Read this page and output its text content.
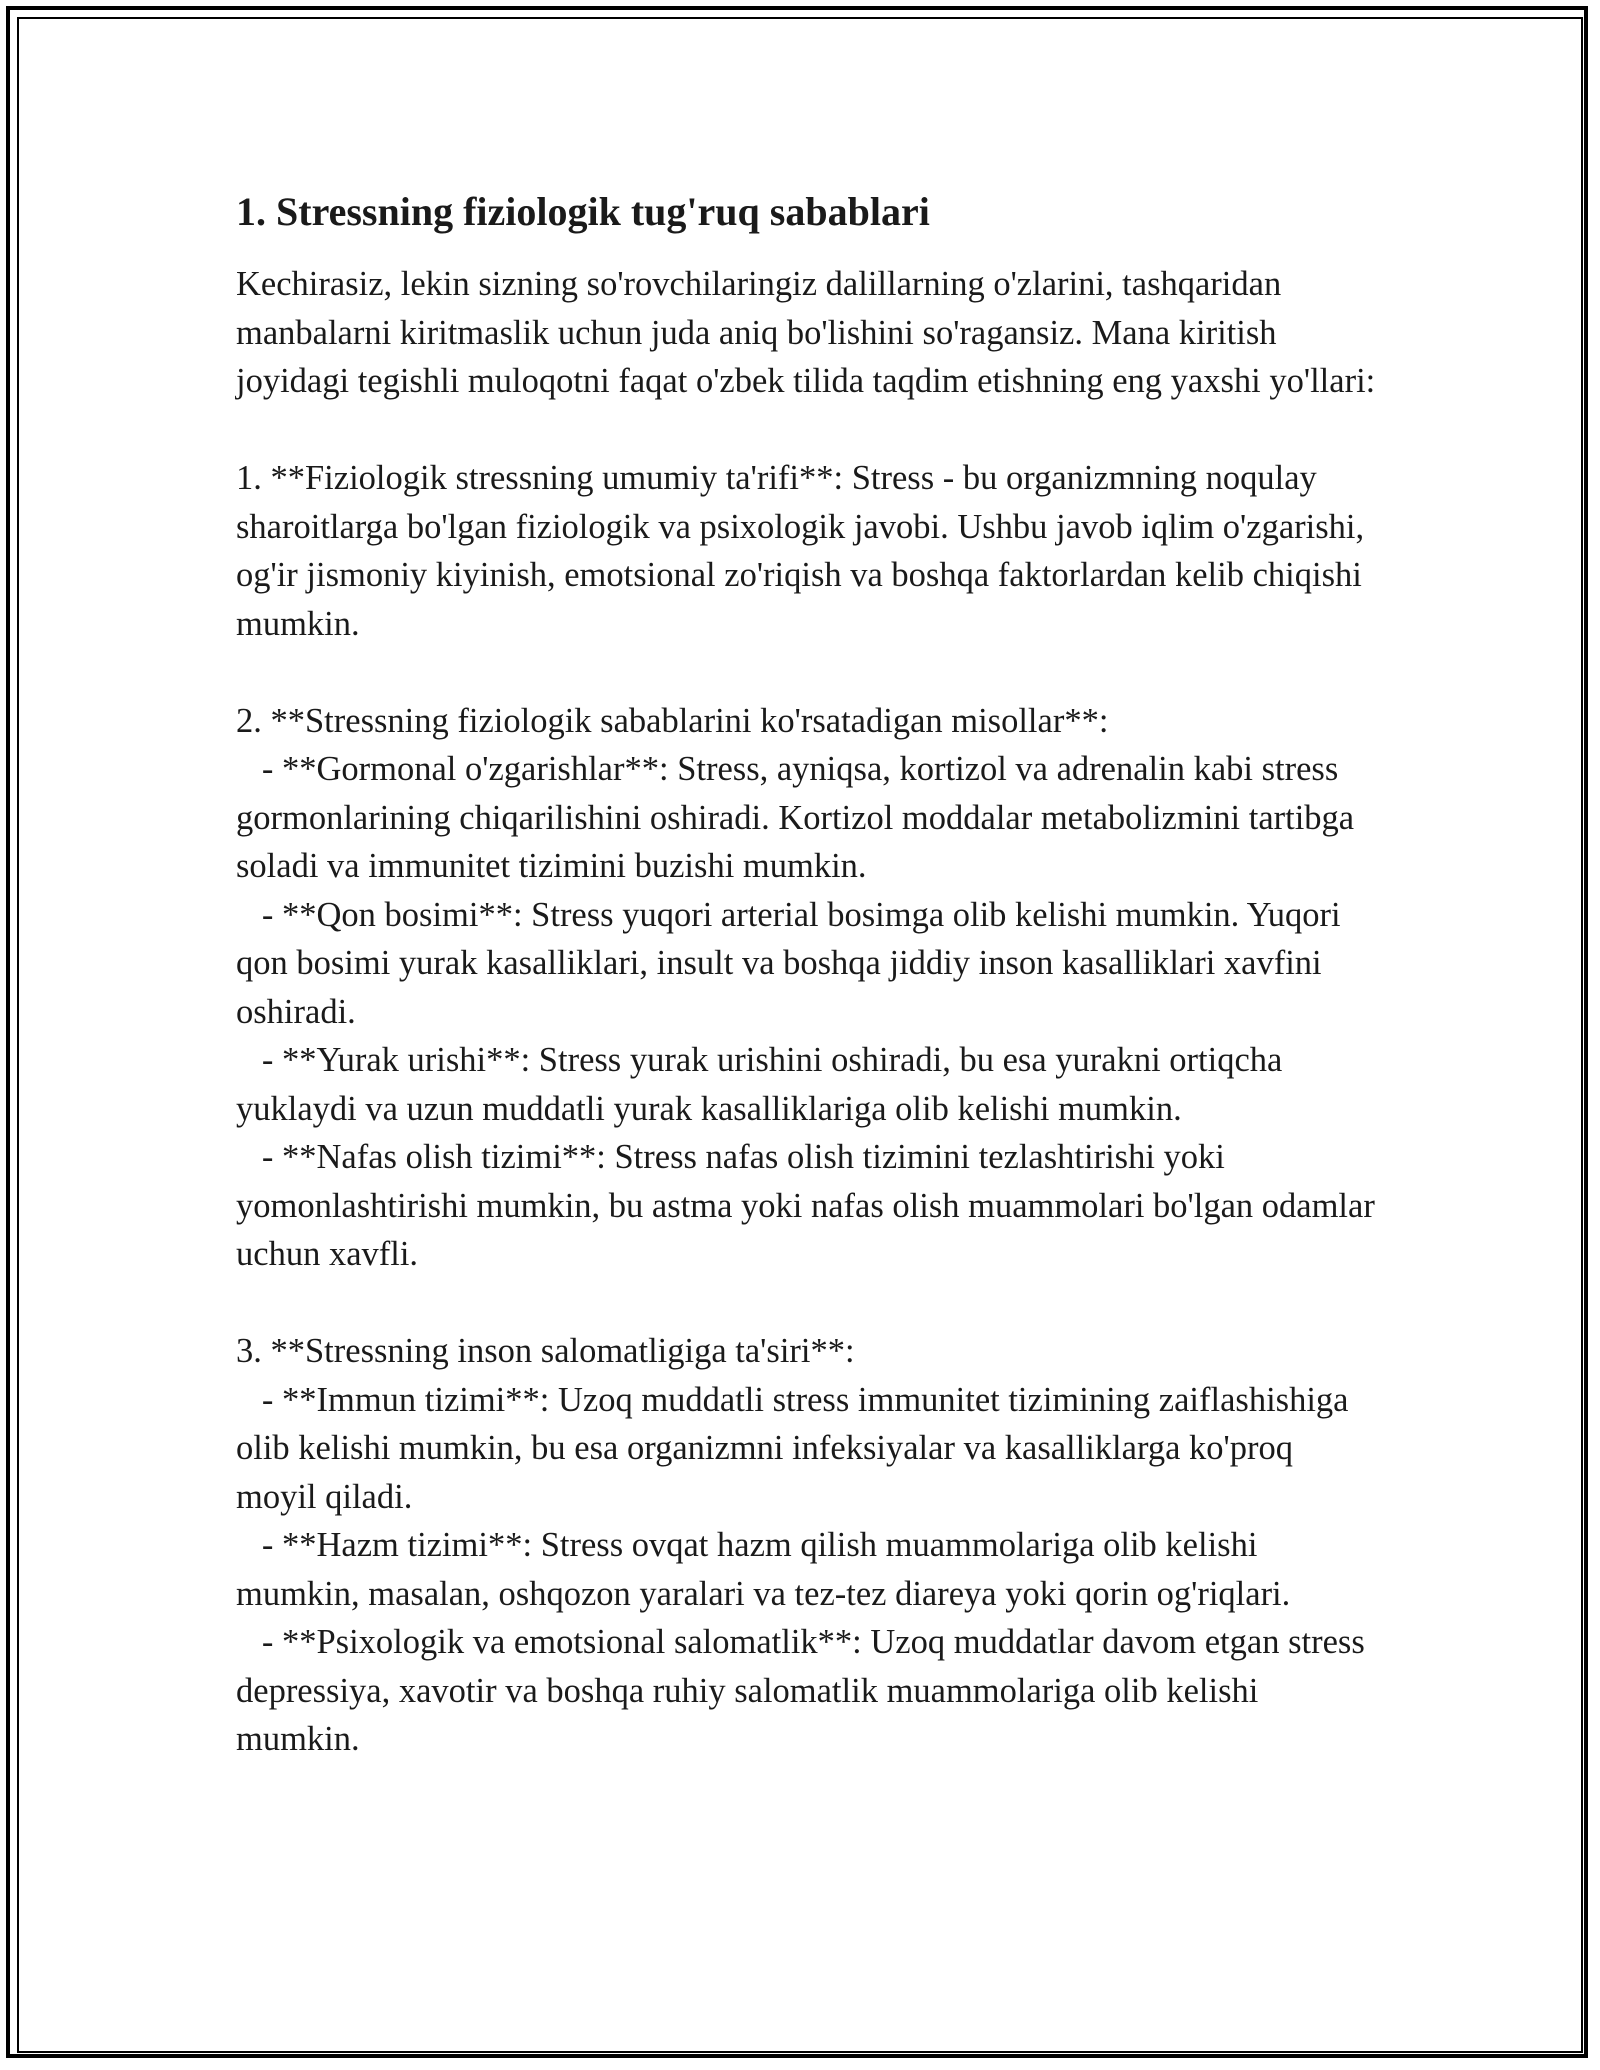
1. Stressning fiziologik tug'ruq sabablari

Kechirasiz, lekin sizning so'rovchilaringiz dalillarning o'zlarini, tashqaridan manbalarni kiritmaslik uchun juda aniq bo'lishini so'ragansiz. Mana kiritish joyidagi tegishli muloqotni faqat o'zbek tilida taqdim etishning eng yaxshi yo'llari:

1. **Fiziologik stressning umumiy ta'rifi**: Stress - bu organizmning noqulay sharoitlarga bo'lgan fiziologik va psixologik javobi. Ushbu javob iqlim o'zgarishi, og'ir jismoniy kiyinish, emotsional zo'riqish va boshqa faktorlardan kelib chiqishi mumkin.

2. **Stressning fiziologik sabablarini ko'rsatadigan misollar**:
- **Gormonal o'zgarishlar**: Stress, ayniqsa, kortizol va adrenalin kabi stress gormonlarining chiqarilishini oshiradi. Kortizol moddalar metabolizmini tartibga soladi va immunitet tizimini buzishi mumkin.
- **Qon bosimi**: Stress yuqori arterial bosimga olib kelishi mumkin. Yuqori qon bosimi yurak kasalliklari, insult va boshqa jiddiy inson kasalliklari xavfini oshiradi.
- **Yurak urishi**: Stress yurak urishini oshiradi, bu esa yurakni ortiqcha yuklaydi va uzun muddatli yurak kasalliklariga olib kelishi mumkin.
- **Nafas olish tizimi**: Stress nafas olish tizimini tezlashtirishi yoki yomonlashtirishi mumkin, bu astma yoki nafas olish muammolari bo'lgan odamlar uchun xavfli.

3. **Stressning inson salomatligiga ta'siri**:
- **Immun tizimi**: Uzoq muddatli stress immunitet tizimining zaiflashishiga olib kelishi mumkin, bu esa organizmni infeksiyalar va kasalliklarga ko'proq moyil qiladi.
- **Hazm tizimi**: Stress ovqat hazm qilish muammolariga olib kelishi mumkin, masalan, oshqozon yaralari va tez-tez diareya yoki qorin og'riqlari.
- **Psixologik va emotsional salomatlik**: Uzoq muddatlar davom etgan stress depressiya, xavotir va boshqa ruhiy salomatlik muammolariga olib kelishi mumkin.
